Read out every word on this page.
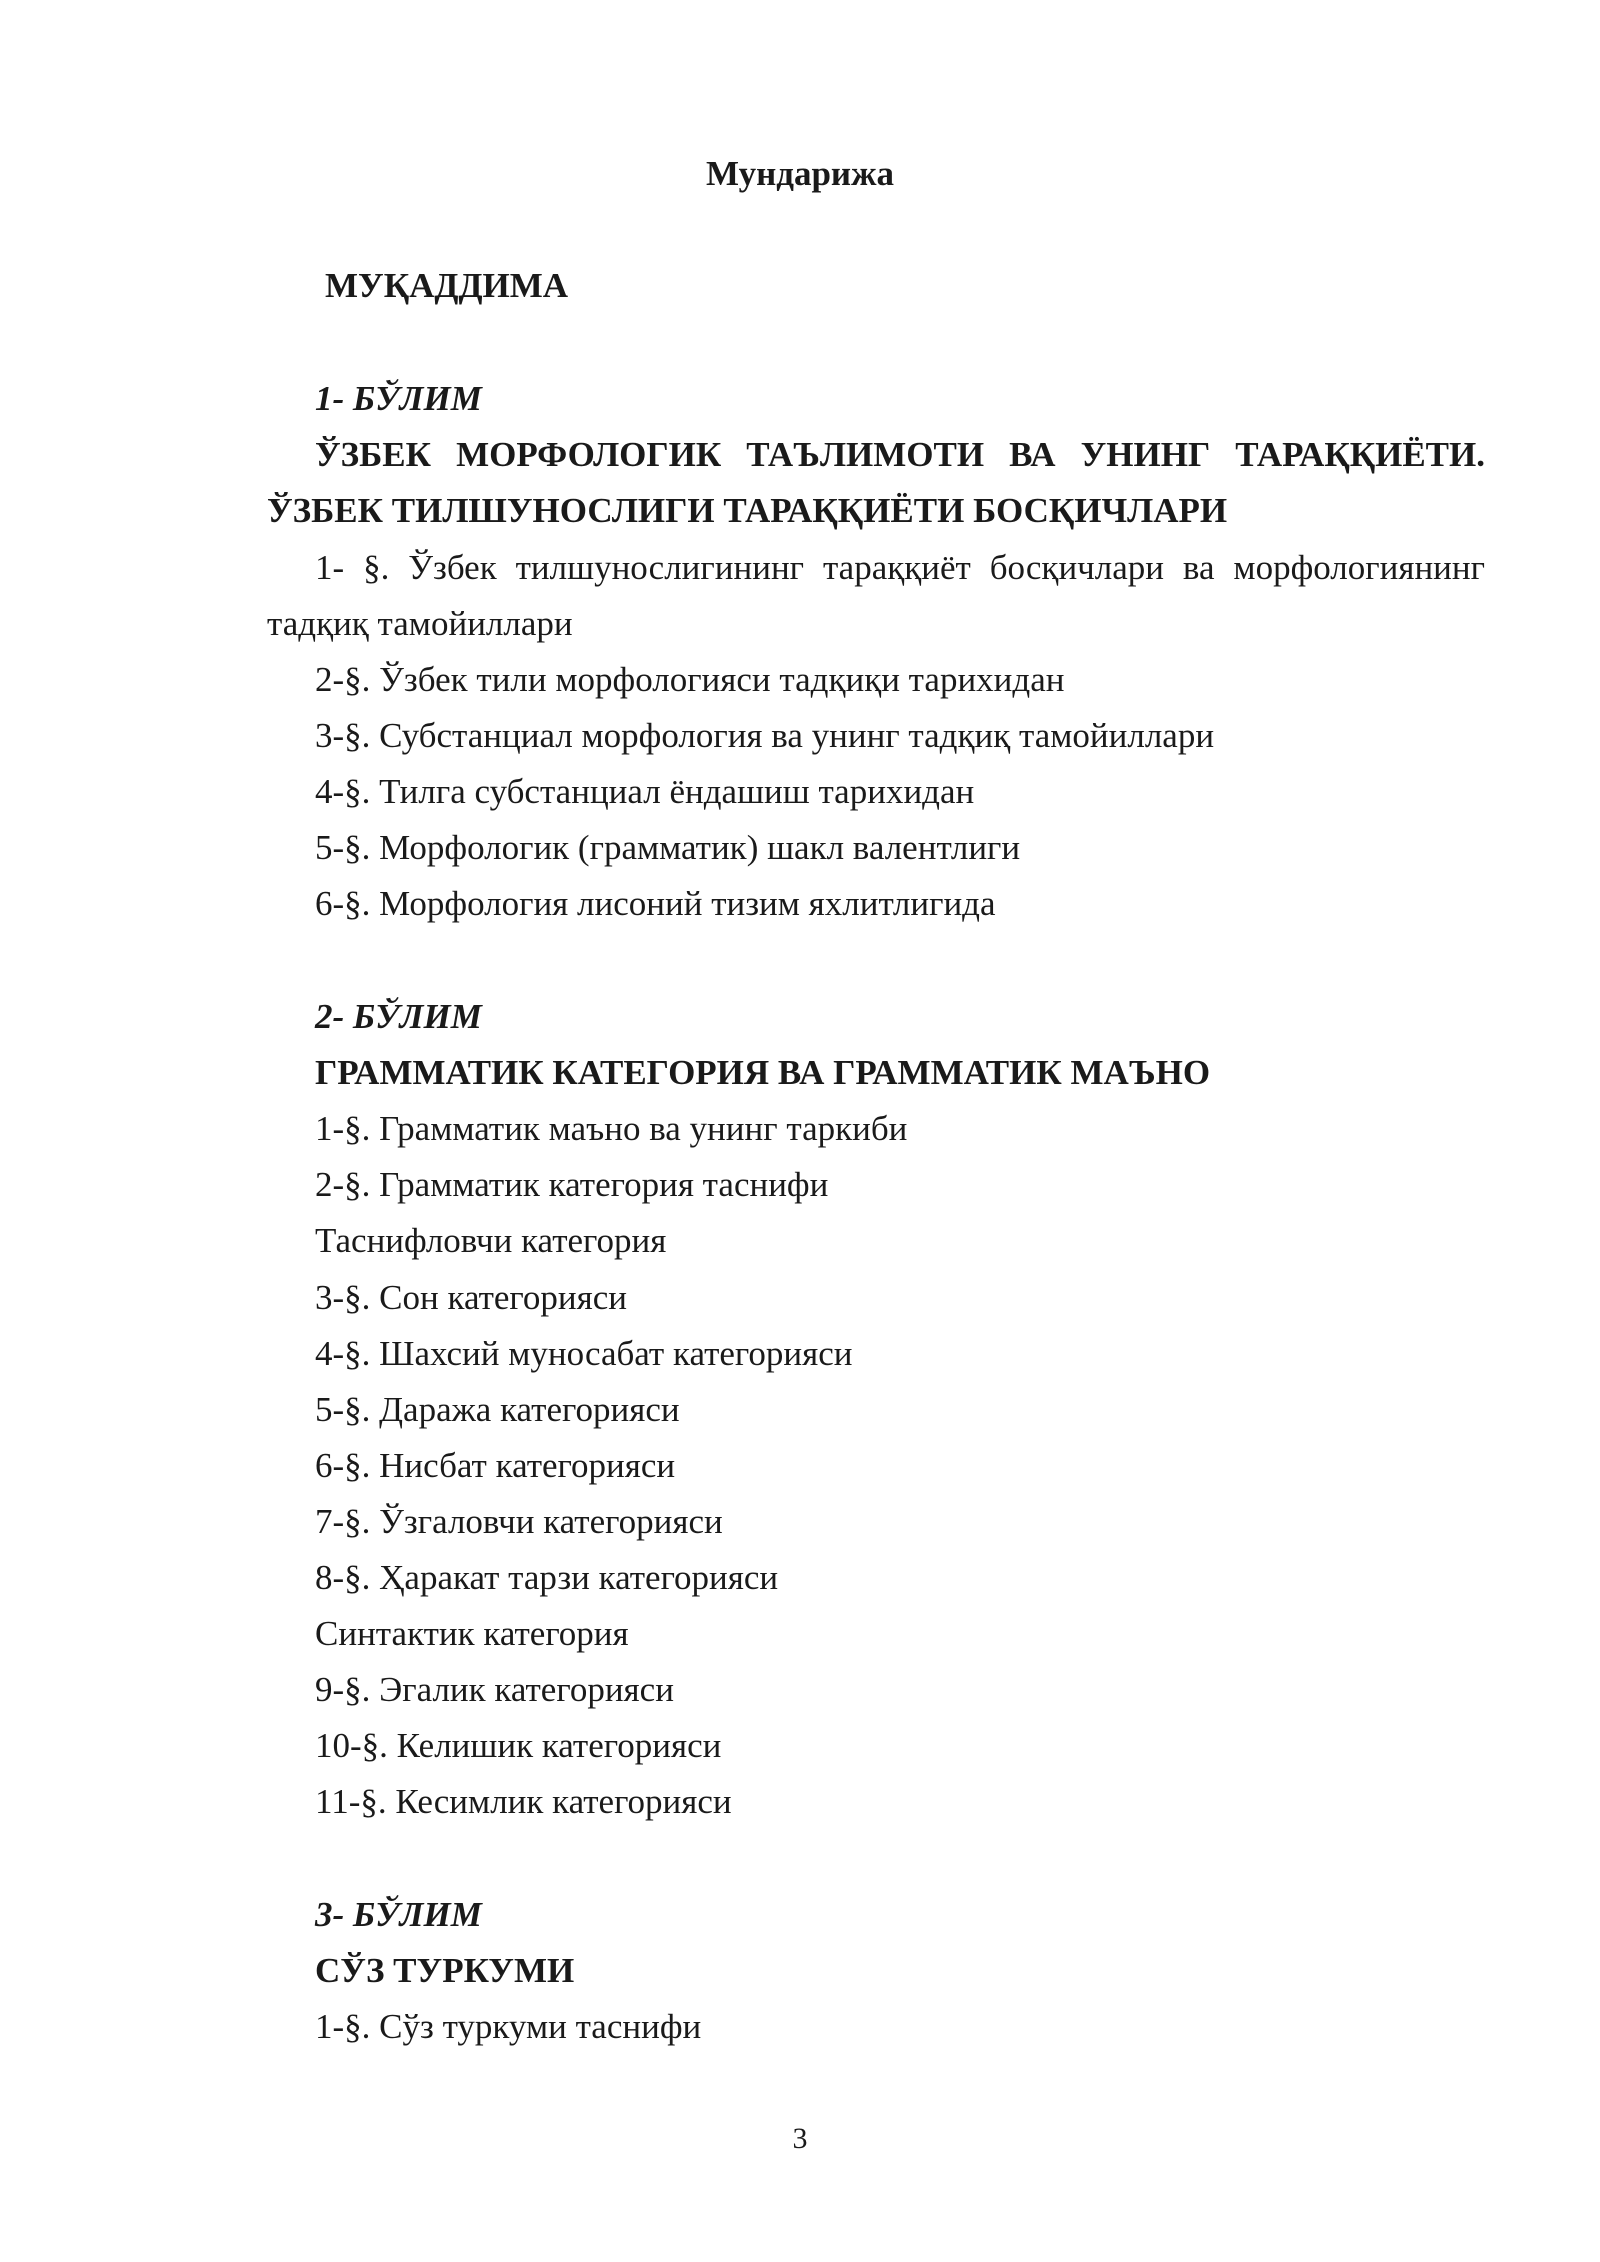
Мундарижа
МУҚАДДИМА
1- БЎЛИМ
ЎЗБЕК МОРФОЛОГИК ТАЪЛИМОТИ ВА УНИНГ ТАРАҚҚИЁТИ.
ЎЗБЕК ТИЛШУНОСЛИГИ ТАРАҚҚИЁТИ БОСҚИЧЛАРИ
1- §. Ўзбек тилшунослигининг тараққиёт босқичлари ва морфологиянинг
тадқиқ тамойиллари
2-§. Ўзбек тили морфологияси тадқиқи тарихидан
3-§. Субстанциал морфология ва унинг тадқиқ тамойиллари
4-§. Тилга субстанциал ёндашиш тарихидан
5-§. Морфологик (грамматик) шакл валентлиги
6-§. Морфология лисоний тизим яхлитлигида
2- БЎЛИМ
ГРАММАТИК КАТЕГОРИЯ ВА ГРАММАТИК МАЪНО
1-§. Грамматик маъно ва унинг таркиби
2-§. Грамматик категория таснифи
Таснифловчи категория
3-§. Сон категорияси
4-§. Шахсий муносабат категорияси
5-§. Даража категорияси
6-§. Нисбат категорияси
7-§. Ўзгаловчи категорияси
8-§. Ҳаракат тарзи категорияси
Синтактик категория
9-§. Эгалик категорияси
10-§. Келишик категорияси
11-§. Кесимлик категорияси
3- БЎЛИМ
СЎЗ ТУРКУМИ
1-§. Сўз туркуми таснифи
3
